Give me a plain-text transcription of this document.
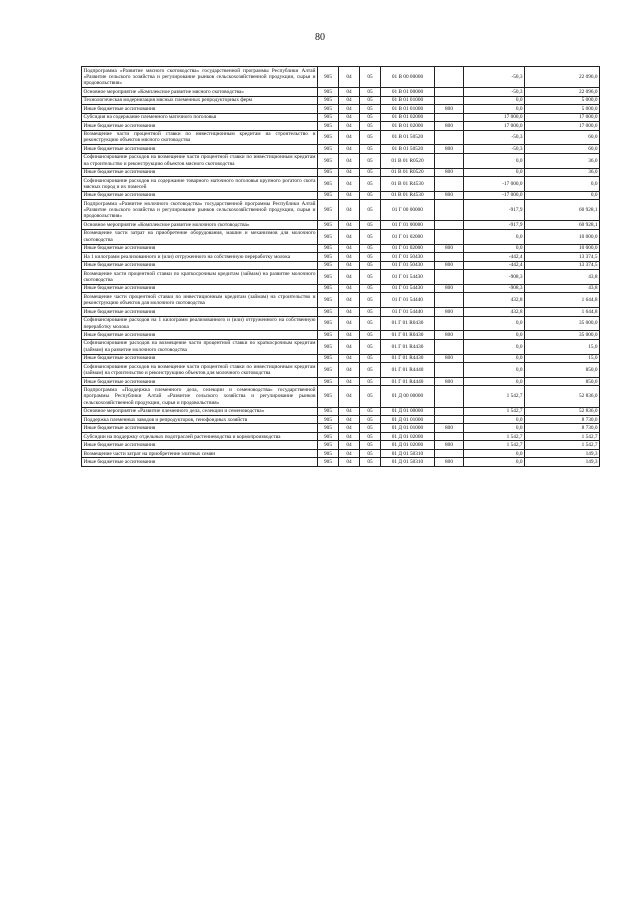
80
Подпрограмма «Развитие мясного скотоводства» государственной программы Республики Алтай «Развитие сельского хозяйства и регулирование рынков сельскохозяйственной продукции, сырья и продовольствия»	905	04	05	01 В 00 00000		-50,3	22 096,0
Основное мероприятие «Комплексное развитие мясного скотоводства»	905	04	05	01 В 01 00000		-50,3	22 096,0
Технологическая модернизация мясных племенных репродукторных ферм	905	04	05	01 В 01 01000		0,0	5 000,0
Иные бюджетные ассигнования	905	04	05	01 В 01 01000	800	0,0	5 000,0
Субсидия на содержание племенного маточного поголовья	905	04	05	01 В 01 02000		17 000,0	17 000,0
Иные бюджетные ассигнования	905	04	05	01 В 01 02000	800	17 000,0	17 000,0
Возмещение части процентной ставки по инвестиционным кредитам на строительство и реконструкцию объектов мясного скотоводства	905	04	05	01 В 01 50520		-50,3	60,0
Иные бюджетные ассигнования	905	04	05	01 В 01 50520	800	-50,3	60,0
Софинансирование расходов на возмещение части процентной ставки по инвестиционным кредитам на строительство и реконструкцию объектов мясного скотоводства	905	04	05	01 В 01 R0520		0,0	36,0
Иные бюджетные ассигнования	905	04	05	01 В 01 R0520	800	0,0	36,0
Софинансирование расходов на содержание товарного маточного поголовья крупного рогатого скота мясных пород и их помесей	905	04	05	01 В 01 R4530		-17 000,0	0,0
Иные бюджетные ассигнования	905	04	05	01 В 01 R4530	800	-17 000,0	0,0
Подпрограмма «Развитие молочного скотоводства» государственной программы Республики Алтай «Развитие сельского хозяйства и регулирование рынков сельскохозяйственной продукции, сырья и продовольствия»	905	04	05	01 Г 00 00000		-917,9	60 928,1
Основное мероприятие «Комплексное развитие молочного скотоводства»	905	04	05	01 Г 01 00000		-917,9	60 928,1
Возмещение части затрат на приобретение оборудования, машин и механизмов для молочного скотоводства	905	04	05	01 Г 01 02000		0,0	10 000,0
Иные бюджетные ассигнования	905	04	05	01 Г 01 02000	800	0,0	10 000,0
На 1 килограмм реализованного и (или) отгруженного на собственную переработку молока	905	04	05	01 Г 01 50430		-442,4	13 374,5
Иные бюджетные ассигнования	905	04	05	01 Г 01 50430	800	-442,4	13 374,5
Возмещение части процентной ставки по краткосрочным кредитам (займам) на развитие молочного скотоводства	905	04	05	01 Г 01 54430		-908,3	43,8
Иные бюджетные ассигнования	905	04	05	01 Г 01 54430	800	-908,3	43,8
Возмещение части процентной ставки по инвестиционным кредитам (займам) на строительство и реконструкцию объектов для молочного скотоводства	905	04	05	01 Г 01 54440		432,8	1 644,8
Иные бюджетные ассигнования	905	04	05	01 Г 01 54440	800	432,8	1 644,8
Софинансирование расходов на 1 килограмм реализованного и (или) отгруженного на собственную переработку молока	905	04	05	01 Г 01 R0430		0,0	35 000,0
Иные бюджетные ассигнования	905	04	05	01 Г 01 R0430	800	0,0	35 000,0
Софинансирование расходов на возмещение части процентной ставки по краткосрочным кредитам (займам) на развитие молочного скотоводства	905	04	05	01 Г 01 R4430		0,0	15,0
Иные бюджетные ассигнования	905	04	05	01 Г 01 R4430	800	0,0	15,0
Софинансирование расходов на возмещение части процентной ставки по инвестиционным кредитам (займам) на строительство и реконструкцию объектов для молочного скотоводства	905	04	05	01 Г 01 R4440		0,0	850,0
Иные бюджетные ассигнования	905	04	05	01 Г 01 R4440	800	0,0	850,0
Подпрограмма «Поддержка племенного дела, селекции и семеноводства» государственной программы Республики Алтай «Развитие сельского хозяйства и регулирование рынков сельскохозяйственной продукции, сырья и продовольствия»	905	04	05	01 Д 00 00000		1 542,7	52 836,0
Основное мероприятие «Развитие племенного дела, селекции и семеноводства»	905	04	05	01 Д 01 00000		1 542,7	52 836,0
Поддержка племенных заводов и репродукторов, генофондных хозяйств	905	04	05	01 Д 01 01000		0,0	8 730,0
Иные бюджетные ассигнования	905	04	05	01 Д 01 01000	800	0,0	8 730,0
Субсидии на поддержку отдельных подотраслей растениеводства и кормопроизводства	905	04	05	01 Д 01 02000		1 542,7	1 542,7
Иные бюджетные ассигнования	905	04	05	01 Д 01 02000	800	1 542,7	1 542,7
Возмещение части затрат на приобретение элитных семян	905	04	05	01 Д 01 50310		0,0	149,3
Иные бюджетные ассигнования	905	04	05	01 Д 01 50310	800	0,0	149,3
